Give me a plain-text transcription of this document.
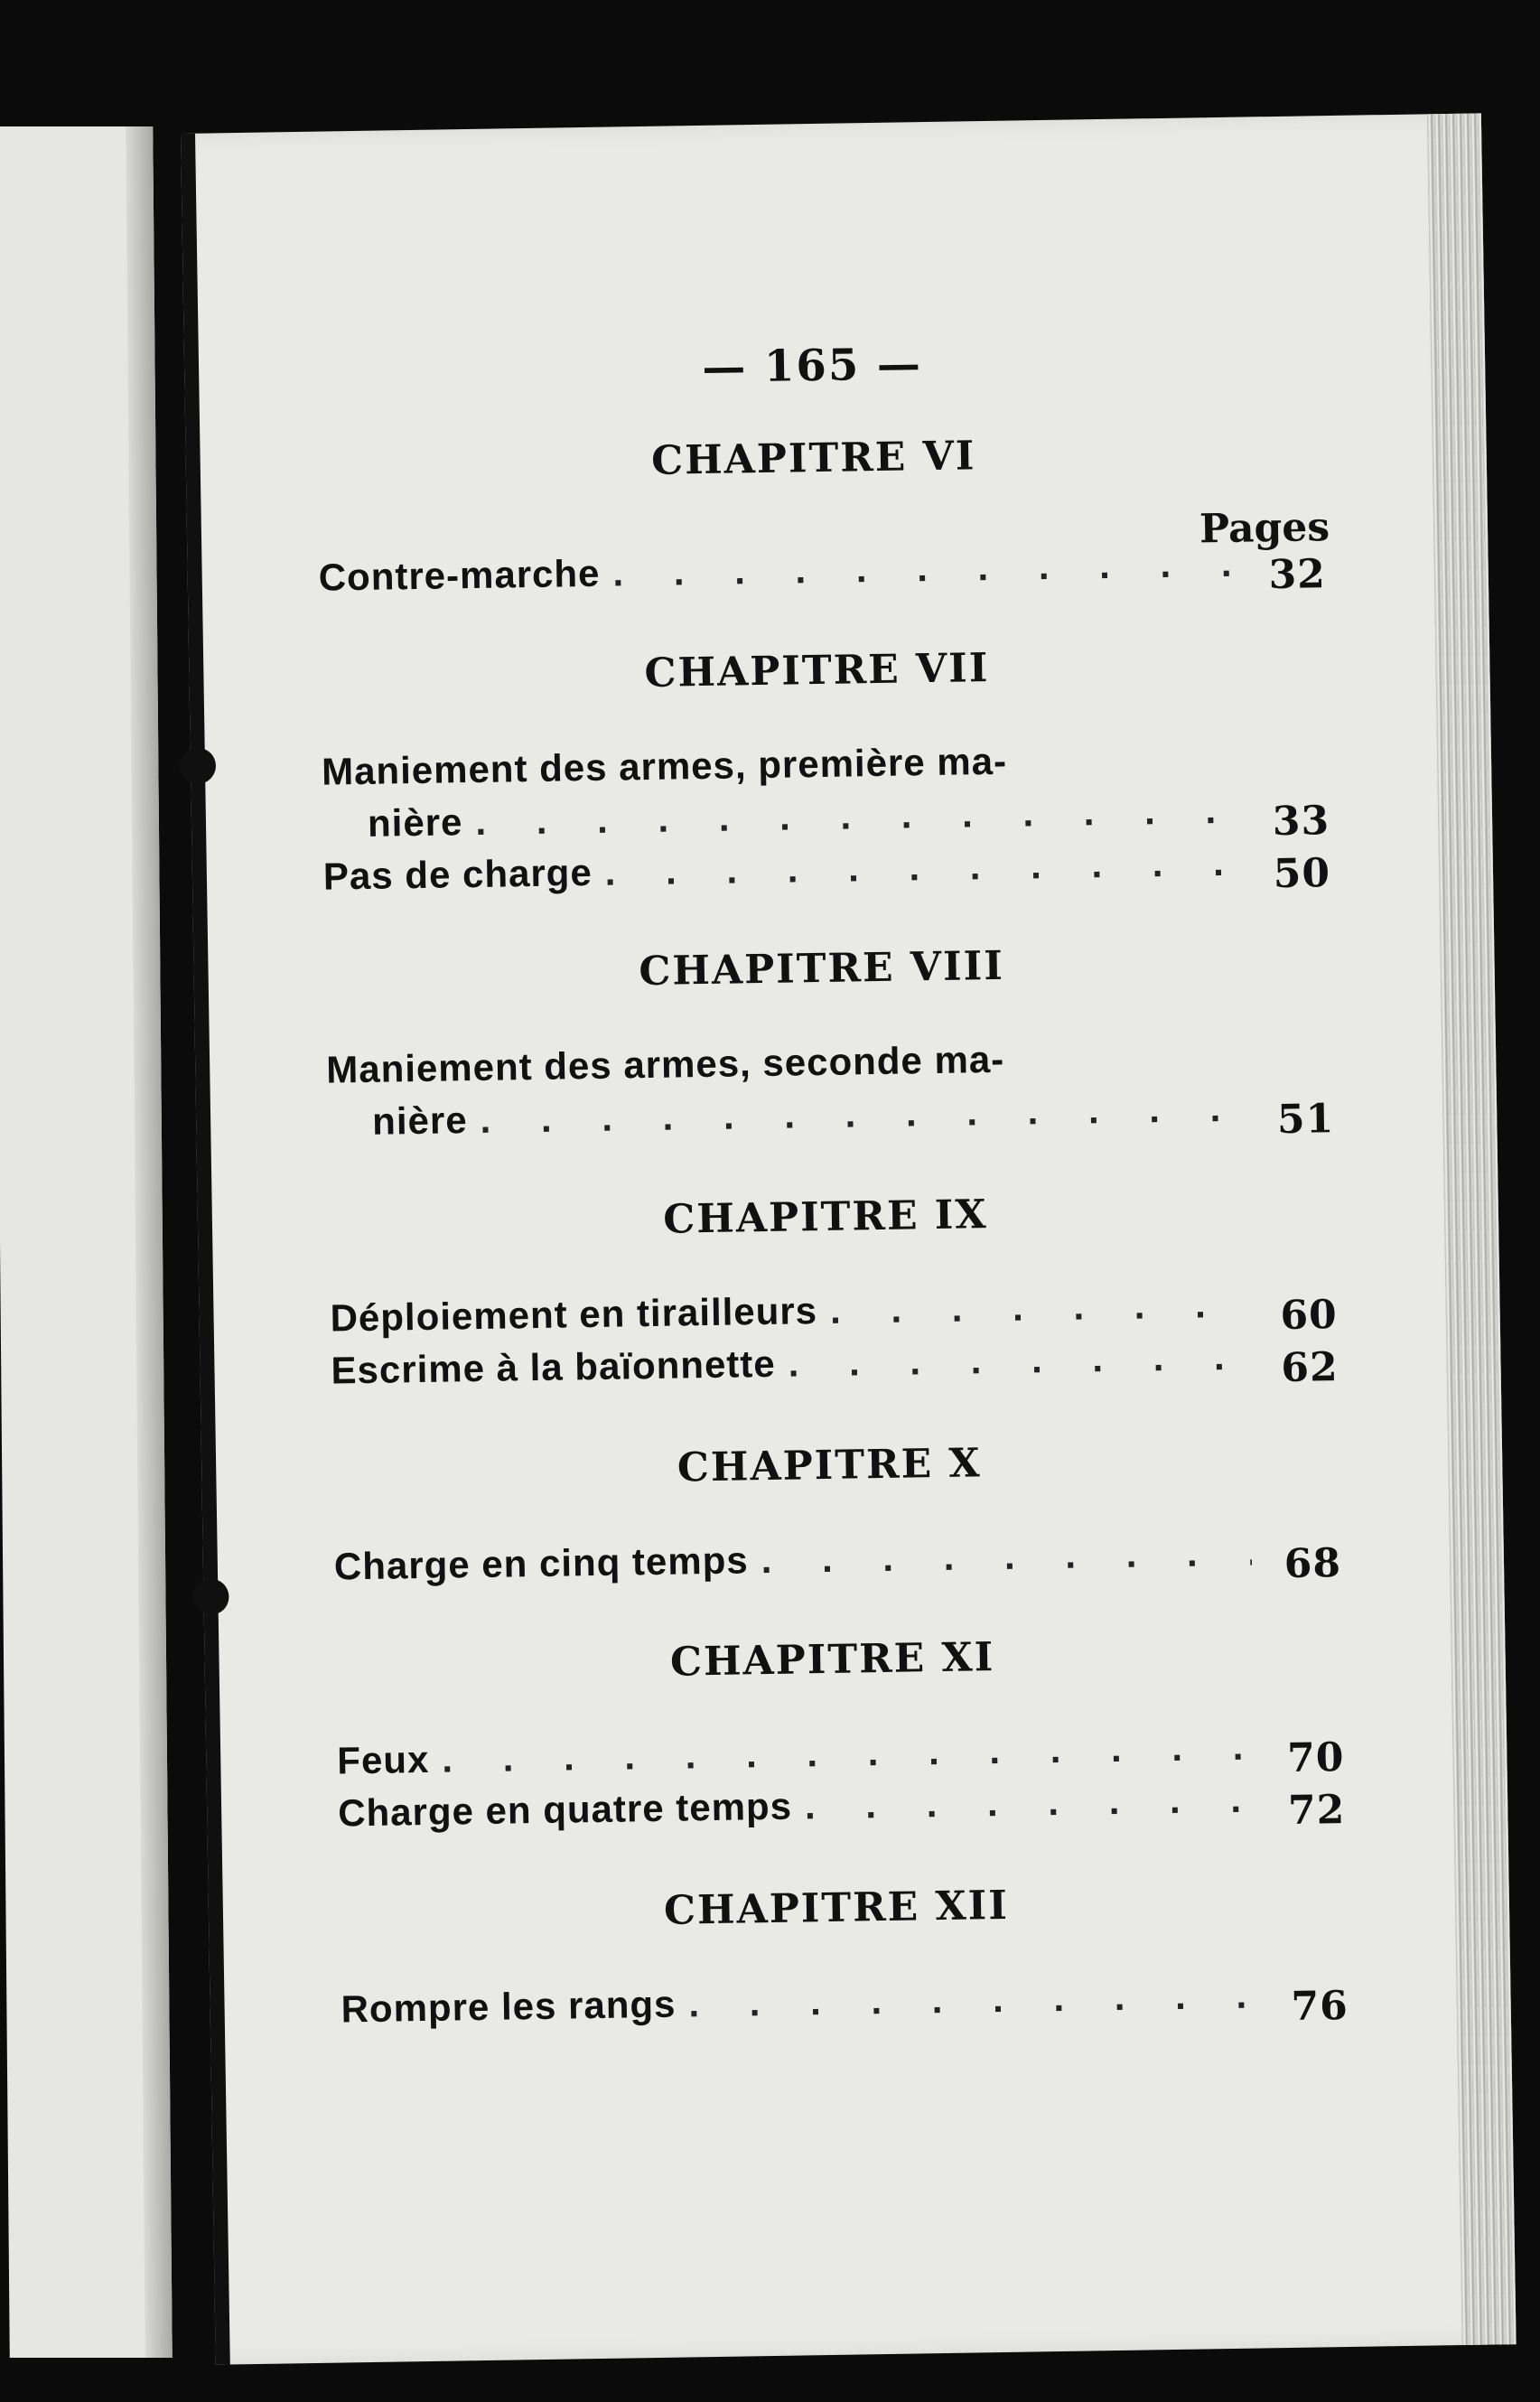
— 165 —
Pages
CHAPITRE VI
Contre-marche . . .	32
CHAPITRE VII
Maniement des armes, première ma-
nière . . .	33
Pas de charge . . .	50
CHAPITRE VIII
Maniement des armes, seconde ma-
nière . . .	51
CHAPITRE IX
Déploiement en tirailleurs . . .	60
Escrime à la baïonnette . . .	62
CHAPITRE X
Charge en cinq temps . . .	68
CHAPITRE XI
Feux . . .	70
Charge en quatre temps . . .	72
CHAPITRE XII
Rompre les rangs . . .	76
